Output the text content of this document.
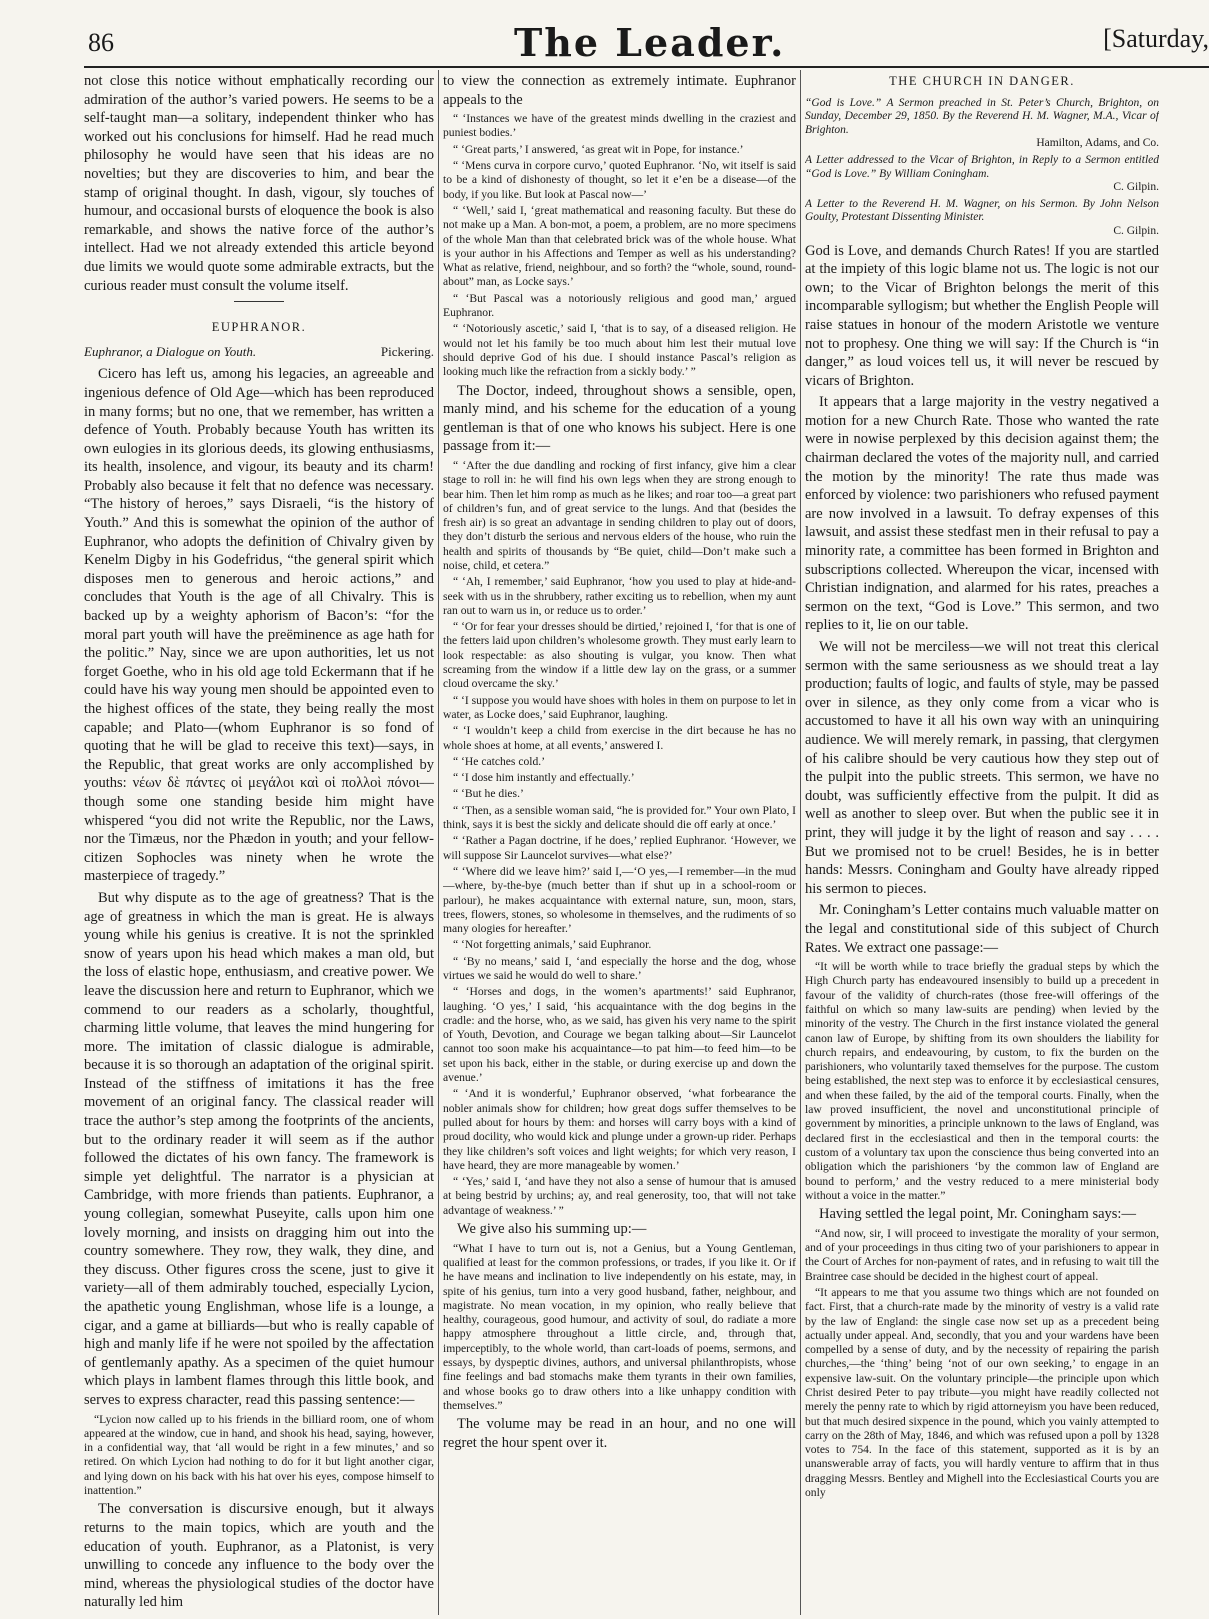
86	The Leader.	[Saturday,

not close this notice without emphatically recording our admiration of the author’s varied powers. He seems to be a self-taught man—a solitary, independent thinker who has worked out his conclusions for himself. Had he read much philosophy he would have seen that his ideas are no novelties; but they are discoveries to him, and bear the stamp of original thought. In dash, vigour, sly touches of humour, and occasional bursts of eloquence the book is also remarkable, and shows the native force of the author’s intellect. Had we not already extended this article beyond due limits we would quote some admirable extracts, but the curious reader must consult the volume itself.

EUPHRANOR.
Euphranor, a Dialogue on Youth.	Pickering.

Cicero has left us, among his legacies, an agreeable and ingenious defence of Old Age—which has been reproduced in many forms; but no one, that we remember, has written a defence of Youth. Probably because Youth has written its own eulogies in its glorious deeds, its glowing enthusiasms, its health, insolence, and vigour, its beauty and its charm! Probably also because it felt that no defence was necessary. “The history of heroes,” says Disraeli, “is the history of Youth.” And this is somewhat the opinion of the author of Euphranor, who adopts the definition of Chivalry given by Kenelm Digby in his Godefridus, “the general spirit which disposes men to generous and heroic actions,” and concludes that Youth is the age of all Chivalry. This is backed up by a weighty aphorism of Bacon’s: “for the moral part youth will have the preëminence as age hath for the politic.” Nay, since we are upon authorities, let us not forget Goethe, who in his old age told Eckermann that if he could have his way young men should be appointed even to the highest offices of the state, they being really the most capable; and Plato—(whom Euphranor is so fond of quoting that he will be glad to receive this text)—says, in the Republic, that great works are only accomplished by youths: νέων δὲ πάντες οἱ μεγάλοι καὶ οἱ πολλοὶ πόνοι—though some one standing beside him might have whispered “you did not write the Republic, nor the Laws, nor the Timæus, nor the Phædon in youth; and your fellow-citizen Sophocles was ninety when he wrote the masterpiece of tragedy.”

But why dispute as to the age of greatness? That is the age of greatness in which the man is great. He is always young while his genius is creative. It is not the sprinkled snow of years upon his head which makes a man old, but the loss of elastic hope, enthusiasm, and creative power. We leave the discussion here and return to Euphranor, which we commend to our readers as a scholarly, thoughtful, charming little volume, that leaves the mind hungering for more. The imitation of classic dialogue is admirable, because it is so thorough an adaptation of the original spirit. Instead of the stiffness of imitations it has the free movement of an original fancy. The classical reader will trace the author’s step among the footprints of the ancients, but to the ordinary reader it will seem as if the author followed the dictates of his own fancy. The framework is simple yet delightful. The narrator is a physician at Cambridge, with more friends than patients. Euphranor, a young collegian, somewhat Puseyite, calls upon him one lovely morning, and insists on dragging him out into the country somewhere. They row, they walk, they dine, and they discuss. Other figures cross the scene, just to give it variety—all of them admirably touched, especially Lycion, the apathetic young Englishman, whose life is a lounge, a cigar, and a game at billiards—but who is really capable of high and manly life if he were not spoiled by the affectation of gentlemanly apathy. As a specimen of the quiet humour which plays in lambent flames through this little book, and serves to express character, read this passing sentence:—

“Lycion now called up to his friends in the billiard room, one of whom appeared at the window, cue in hand, and shook his head, saying, however, in a confidential way, that ‘all would be right in a few minutes,’ and so retired. On which Lycion had nothing to do for it but light another cigar, and lying down on his back with his hat over his eyes, compose himself to inattention.”

The conversation is discursive enough, but it always returns to the main topics, which are youth and the education of youth. Euphranor, as a Platonist, is very unwilling to concede any influence to the body over the mind, whereas the physiological studies of the doctor have naturally led him

to view the connection as extremely intimate. Euphranor appeals to the

“ ‘Instances we have of the greatest minds dwelling in the craziest and puniest bodies.’

“ ‘Great parts,’ I answered, ‘as great wit in Pope, for instance.’

“ ‘Mens curva in corpore curvo,’ quoted Euphranor. ‘No, wit itself is said to be a kind of dishonesty of thought, so let it e’en be a disease—of the body, if you like. But look at Pascal now—’

“ ‘Well,’ said I, ‘great mathematical and reasoning faculty. But these do not make up a Man. A bon-mot, a poem, a problem, are no more specimens of the whole Man than that celebrated brick was of the whole house. What is your author in his Affections and Temper as well as his understanding? What as relative, friend, neighbour, and so forth? the “whole, sound, round-about” man, as Locke says.’

“ ‘But Pascal was a notoriously religious and good man,’ argued Euphranor.

“ ‘Notoriously ascetic,’ said I, ‘that is to say, of a diseased religion. He would not let his family be too much about him lest their mutual love should deprive God of his due. I should instance Pascal’s religion as looking much like the refraction from a sickly body.’ ”

The Doctor, indeed, throughout shows a sensible, open, manly mind, and his scheme for the education of a young gentleman is that of one who knows his subject. Here is one passage from it:—

“ ‘After the due dandling and rocking of first infancy, give him a clear stage to roll in: he will find his own legs when they are strong enough to bear him. Then let him romp as much as he likes; and roar too—a great part of children’s fun, and of great service to the lungs. And that (besides the fresh air) is so great an advantage in sending children to play out of doors, they don’t disturb the serious and nervous elders of the house, who ruin the health and spirits of thousands by “Be quiet, child—Don’t make such a noise, child, et cetera.”

“ ‘Ah, I remember,’ said Euphranor, ‘how you used to play at hide-and-seek with us in the shrubbery, rather exciting us to rebellion, when my aunt ran out to warn us in, or reduce us to order.’

“ ‘Or for fear your dresses should be dirtied,’ rejoined I, ‘for that is one of the fetters laid upon children’s wholesome growth. They must early learn to look respectable: as also shouting is vulgar, you know. Then what screaming from the window if a little dew lay on the grass, or a summer cloud overcame the sky.’

“ ‘I suppose you would have shoes with holes in them on purpose to let in water, as Locke does,’ said Euphranor, laughing.

“ ‘I wouldn’t keep a child from exercise in the dirt because he has no whole shoes at home, at all events,’ answered I.

“ ‘He catches cold.’

“ ‘I dose him instantly and effectually.’

“ ‘But he dies.’

“ ‘Then, as a sensible woman said, “he is provided for.” Your own Plato, I think, says it is best the sickly and delicate should die off early at once.’

“ ‘Rather a Pagan doctrine, if he does,’ replied Euphranor. ‘However, we will suppose Sir Launcelot survives—what else?’

“ ‘Where did we leave him?’ said I,—‘O yes,—I remember—in the mud—where, by-the-bye (much better than if shut up in a school-room or parlour), he makes acquaintance with external nature, sun, moon, stars, trees, flowers, stones, so wholesome in themselves, and the rudiments of so many ologies for hereafter.’

“ ‘Not forgetting animals,’ said Euphranor.

“ ‘By no means,’ said I, ‘and especially the horse and the dog, whose virtues we said he would do well to share.’

“ ‘Horses and dogs, in the women’s apartments!’ said Euphranor, laughing. ‘O yes,’ I said, ‘his acquaintance with the dog begins in the cradle: and the horse, who, as we said, has given his very name to the spirit of Youth, Devotion, and Courage we began talking about—Sir Launcelot cannot too soon make his acquaintance—to pat him—to feed him—to be set upon his back, either in the stable, or during exercise up and down the avenue.’

“ ‘And it is wonderful,’ Euphranor observed, ‘what forbearance the nobler animals show for children; how great dogs suffer themselves to be pulled about for hours by them: and horses will carry boys with a kind of proud docility, who would kick and plunge under a grown-up rider. Perhaps they like children’s soft voices and light weights; for which very reason, I have heard, they are more manageable by women.’

“ ‘Yes,’ said I, ‘and have they not also a sense of humour that is amused at being bestrid by urchins; ay, and real generosity, too, that will not take advantage of weakness.’ ”

We give also his summing up:—

“What I have to turn out is, not a Genius, but a Young Gentleman, qualified at least for the common professions, or trades, if you like it. Or if he have means and inclination to live independently on his estate, may, in spite of his genius, turn into a very good husband, father, neighbour, and magistrate. No mean vocation, in my opinion, who really believe that healthy, courageous, good humour, and activity of soul, do radiate a more happy atmosphere throughout a little circle, and, through that, imperceptibly, to the whole world, than cart-loads of poems, sermons, and essays, by dyspeptic divines, authors, and universal philanthropists, whose fine feelings and bad stomachs make them tyrants in their own families, and whose books go to draw others into a like unhappy condition with themselves.”

The volume may be read in an hour, and no one will regret the hour spent over it.

THE CHURCH IN DANGER.

“God is Love.” A Sermon preached in St. Peter’s Church, Brighton, on Sunday, December 29, 1850. By the Reverend H. M. Wagner, M.A., Vicar of Brighton.
Hamilton, Adams, and Co.

A Letter addressed to the Vicar of Brighton, in Reply to a Sermon entitled “God is Love.” By William Coningham.
C. Gilpin.

A Letter to the Reverend H. M. Wagner, on his Sermon. By John Nelson Goulty, Protestant Dissenting Minister.
C. Gilpin.

God is Love, and demands Church Rates! If you are startled at the impiety of this logic blame not us. The logic is not our own; to the Vicar of Brighton belongs the merit of this incomparable syllogism; but whether the English People will raise statues in honour of the modern Aristotle we venture not to prophesy. One thing we will say: If the Church is “in danger,” as loud voices tell us, it will never be rescued by vicars of Brighton.

It appears that a large majority in the vestry negatived a motion for a new Church Rate. Those who wanted the rate were in nowise perplexed by this decision against them; the chairman declared the votes of the majority null, and carried the motion by the minority! The rate thus made was enforced by violence: two parishioners who refused payment are now involved in a lawsuit. To defray expenses of this lawsuit, and assist these stedfast men in their refusal to pay a minority rate, a committee has been formed in Brighton and subscriptions collected. Whereupon the vicar, incensed with Christian indignation, and alarmed for his rates, preaches a sermon on the text, “God is Love.” This sermon, and two replies to it, lie on our table.

We will not be merciless—we will not treat this clerical sermon with the same seriousness as we should treat a lay production; faults of logic, and faults of style, may be passed over in silence, as they only come from a vicar who is accustomed to have it all his own way with an uninquiring audience. We will merely remark, in passing, that clergymen of his calibre should be very cautious how they step out of the pulpit into the public streets. This sermon, we have no doubt, was sufficiently effective from the pulpit. It did as well as another to sleep over. But when the public see it in print, they will judge it by the light of reason and say . . . . But we promised not to be cruel! Besides, he is in better hands: Messrs. Coningham and Goulty have already ripped his sermon to pieces.

Mr. Coningham’s Letter contains much valuable matter on the legal and constitutional side of this subject of Church Rates. We extract one passage:—

“It will be worth while to trace briefly the gradual steps by which the High Church party has endeavoured insensibly to build up a precedent in favour of the validity of church-rates (those free-will offerings of the faithful on which so many law-suits are pending) when levied by the minority of the vestry. The Church in the first instance violated the general canon law of Europe, by shifting from its own shoulders the liability for church repairs, and endeavouring, by custom, to fix the burden on the parishioners, who voluntarily taxed themselves for the purpose. The custom being established, the next step was to enforce it by ecclesiastical censures, and when these failed, by the aid of the temporal courts. Finally, when the law proved insufficient, the novel and unconstitutional principle of government by minorities, a principle unknown to the laws of England, was declared first in the ecclesiastical and then in the temporal courts: the custom of a voluntary tax upon the conscience thus being converted into an obligation which the parishioners ‘by the common law of England are bound to perform,’ and the vestry reduced to a mere ministerial body without a voice in the matter.”

Having settled the legal point, Mr. Coningham says:—

“And now, sir, I will proceed to investigate the morality of your sermon, and of your proceedings in thus citing two of your parishioners to appear in the Court of Arches for non-payment of rates, and in refusing to wait till the Braintree case should be decided in the highest court of appeal.

“It appears to me that you assume two things which are not founded on fact. First, that a church-rate made by the minority of vestry is a valid rate by the law of England: the single case now set up as a precedent being actually under appeal. And, secondly, that you and your wardens have been compelled by a sense of duty, and by the necessity of repairing the parish churches,—the ‘thing’ being ‘not of our own seeking,’ to engage in an expensive law-suit. On the voluntary principle—the principle upon which Christ desired Peter to pay tribute—you might have readily collected not merely the penny rate to which by rigid attorneyism you have been reduced, but that much desired sixpence in the pound, which you vainly attempted to carry on the 28th of May, 1846, and which was refused upon a poll by 1328 votes to 754. In the face of this statement, supported as it is by an unanswerable array of facts, you will hardly venture to affirm that in thus dragging Messrs. Bentley and Mighell into the Ecclesiastical Courts you are only
